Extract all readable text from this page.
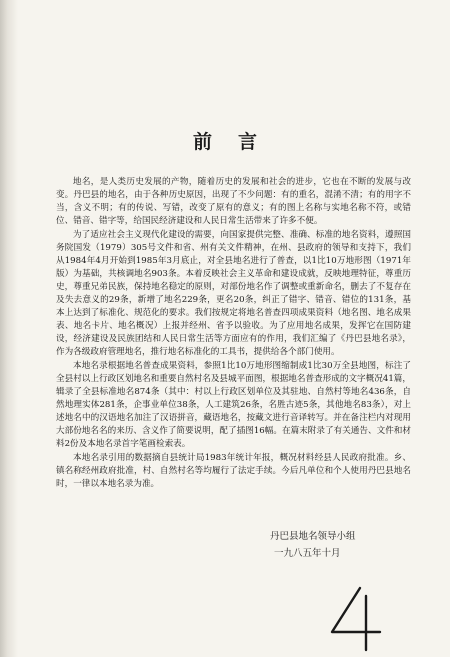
前言

地名，是人类历史发展的产物，随着历史的发展和社会的进步，它也在不断的发展与改变。丹巴县的地名，由于各种历史原因，出现了不少问题：有的重名，混淆不清；有的用字不当，含义不明；有的传说、写错，改变了原有的意义；有的图上名称与实地名称不符，或错位、错音、错字等，给国民经济建设和人民日常生活带来了许多不便。

为了适应社会主义现代化建设的需要，向国家提供完整、准确、标准的地名资料，遵照国务院国发（1979）305号文件和省、州有关文件精神，在州、县政府的领导和支持下，我们从1984年4月开始到1985年3月底止，对全县地名进行了普查，以1比10万地形图（1971年版）为基础，共核调地名903条。本着反映社会主义革命和建设成就，反映地理特征，尊重历史，尊重兄弟民族，保持地名稳定的原则，对部份地名作了调整或重新命名，删去了不复存在及失去意义的29条，新增了地名229条，更名20条，纠正了错字、错音、错位的131条，基本上达到了标准化、规范化的要求。我们按规定将地名普查四项成果资料（地名图、地名成果表、地名卡片、地名概况）上报并经州、省予以验收。为了应用地名成果，发挥它在国防建设，经济建设及民族团结和人民日常生活等方面应有的作用，我们汇编了《丹巴县地名录》，作为各级政府管理地名，推行地名标准化的工具书，提供给各个部门使用。

本地名录根据地名普查成果资料，参照1比10万地形图缩制成1比30万全县地图，标注了全县村以上行政区划地名和重要自然村名及县城平面图，根据地名普查形成的文字概况41篇，辑录了全县标准地名874条（其中：村以上行政区划单位及其驻地、自然村等地名436条，自然地理实体281条，企事业单位38条，人工建筑26条，名胜古迹5条，其他地名83条），对上述地名中的汉语地名加注了汉语拼音，藏语地名，按藏文进行音译转写。并在备注栏内对现用大部份地名名的来历、含义作了简要说明，配了插图16幅。在篇末附录了有关通告、文件和材料2份及本地名录首字笔画检索表。

本地名录引用的数据摘自县统计局1983年统计年报，概况材料经县人民政府批准。乡、镇名称经州政府批准，村、自然村名等均履行了法定手续。今后凡单位和个人使用丹巴县地名时，一律以本地名录为准。

丹巴县地名领导小组
一九八五年十月
